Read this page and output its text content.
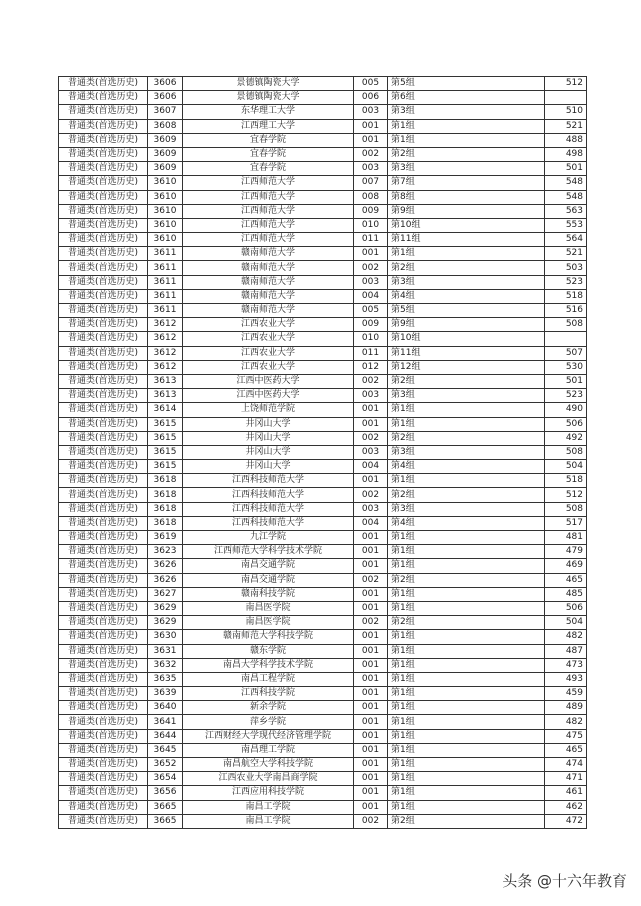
普通类(首选历史)	3606	景德镇陶瓷大学	005	第5组	512
普通类(首选历史)	3606	景德镇陶瓷大学	006	第6组	
普通类(首选历史)	3607	东华理工大学	003	第3组	510
普通类(首选历史)	3608	江西理工大学	001	第1组	521
普通类(首选历史)	3609	宜春学院	001	第1组	488
普通类(首选历史)	3609	宜春学院	002	第2组	498
普通类(首选历史)	3609	宜春学院	003	第3组	501
普通类(首选历史)	3610	江西师范大学	007	第7组	548
普通类(首选历史)	3610	江西师范大学	008	第8组	548
普通类(首选历史)	3610	江西师范大学	009	第9组	563
普通类(首选历史)	3610	江西师范大学	010	第10组	553
普通类(首选历史)	3610	江西师范大学	011	第11组	564
普通类(首选历史)	3611	赣南师范大学	001	第1组	521
普通类(首选历史)	3611	赣南师范大学	002	第2组	503
普通类(首选历史)	3611	赣南师范大学	003	第3组	523
普通类(首选历史)	3611	赣南师范大学	004	第4组	518
普通类(首选历史)	3611	赣南师范大学	005	第5组	516
普通类(首选历史)	3612	江西农业大学	009	第9组	508
普通类(首选历史)	3612	江西农业大学	010	第10组	
普通类(首选历史)	3612	江西农业大学	011	第11组	507
普通类(首选历史)	3612	江西农业大学	012	第12组	530
普通类(首选历史)	3613	江西中医药大学	002	第2组	501
普通类(首选历史)	3613	江西中医药大学	003	第3组	523
普通类(首选历史)	3614	上饶师范学院	001	第1组	490
普通类(首选历史)	3615	井冈山大学	001	第1组	506
普通类(首选历史)	3615	井冈山大学	002	第2组	492
普通类(首选历史)	3615	井冈山大学	003	第3组	508
普通类(首选历史)	3615	井冈山大学	004	第4组	504
普通类(首选历史)	3618	江西科技师范大学	001	第1组	518
普通类(首选历史)	3618	江西科技师范大学	002	第2组	512
普通类(首选历史)	3618	江西科技师范大学	003	第3组	508
普通类(首选历史)	3618	江西科技师范大学	004	第4组	517
普通类(首选历史)	3619	九江学院	001	第1组	481
普通类(首选历史)	3623	江西师范大学科学技术学院	001	第1组	479
普通类(首选历史)	3626	南昌交通学院	001	第1组	469
普通类(首选历史)	3626	南昌交通学院	002	第2组	465
普通类(首选历史)	3627	赣南科技学院	001	第1组	485
普通类(首选历史)	3629	南昌医学院	001	第1组	506
普通类(首选历史)	3629	南昌医学院	002	第2组	504
普通类(首选历史)	3630	赣南师范大学科技学院	001	第1组	482
普通类(首选历史)	3631	赣东学院	001	第1组	487
普通类(首选历史)	3632	南昌大学科学技术学院	001	第1组	473
普通类(首选历史)	3635	南昌工程学院	001	第1组	493
普通类(首选历史)	3639	江西科技学院	001	第1组	459
普通类(首选历史)	3640	新余学院	001	第1组	489
普通类(首选历史)	3641	萍乡学院	001	第1组	482
普通类(首选历史)	3644	江西财经大学现代经济管理学院	001	第1组	475
普通类(首选历史)	3645	南昌理工学院	001	第1组	465
普通类(首选历史)	3652	南昌航空大学科技学院	001	第1组	474
普通类(首选历史)	3654	江西农业大学南昌商学院	001	第1组	471
普通类(首选历史)	3656	江西应用科技学院	001	第1组	461
普通类(首选历史)	3665	南昌工学院	001	第1组	462
普通类(首选历史)	3665	南昌工学院	002	第2组	472
头条 @十六年教育
